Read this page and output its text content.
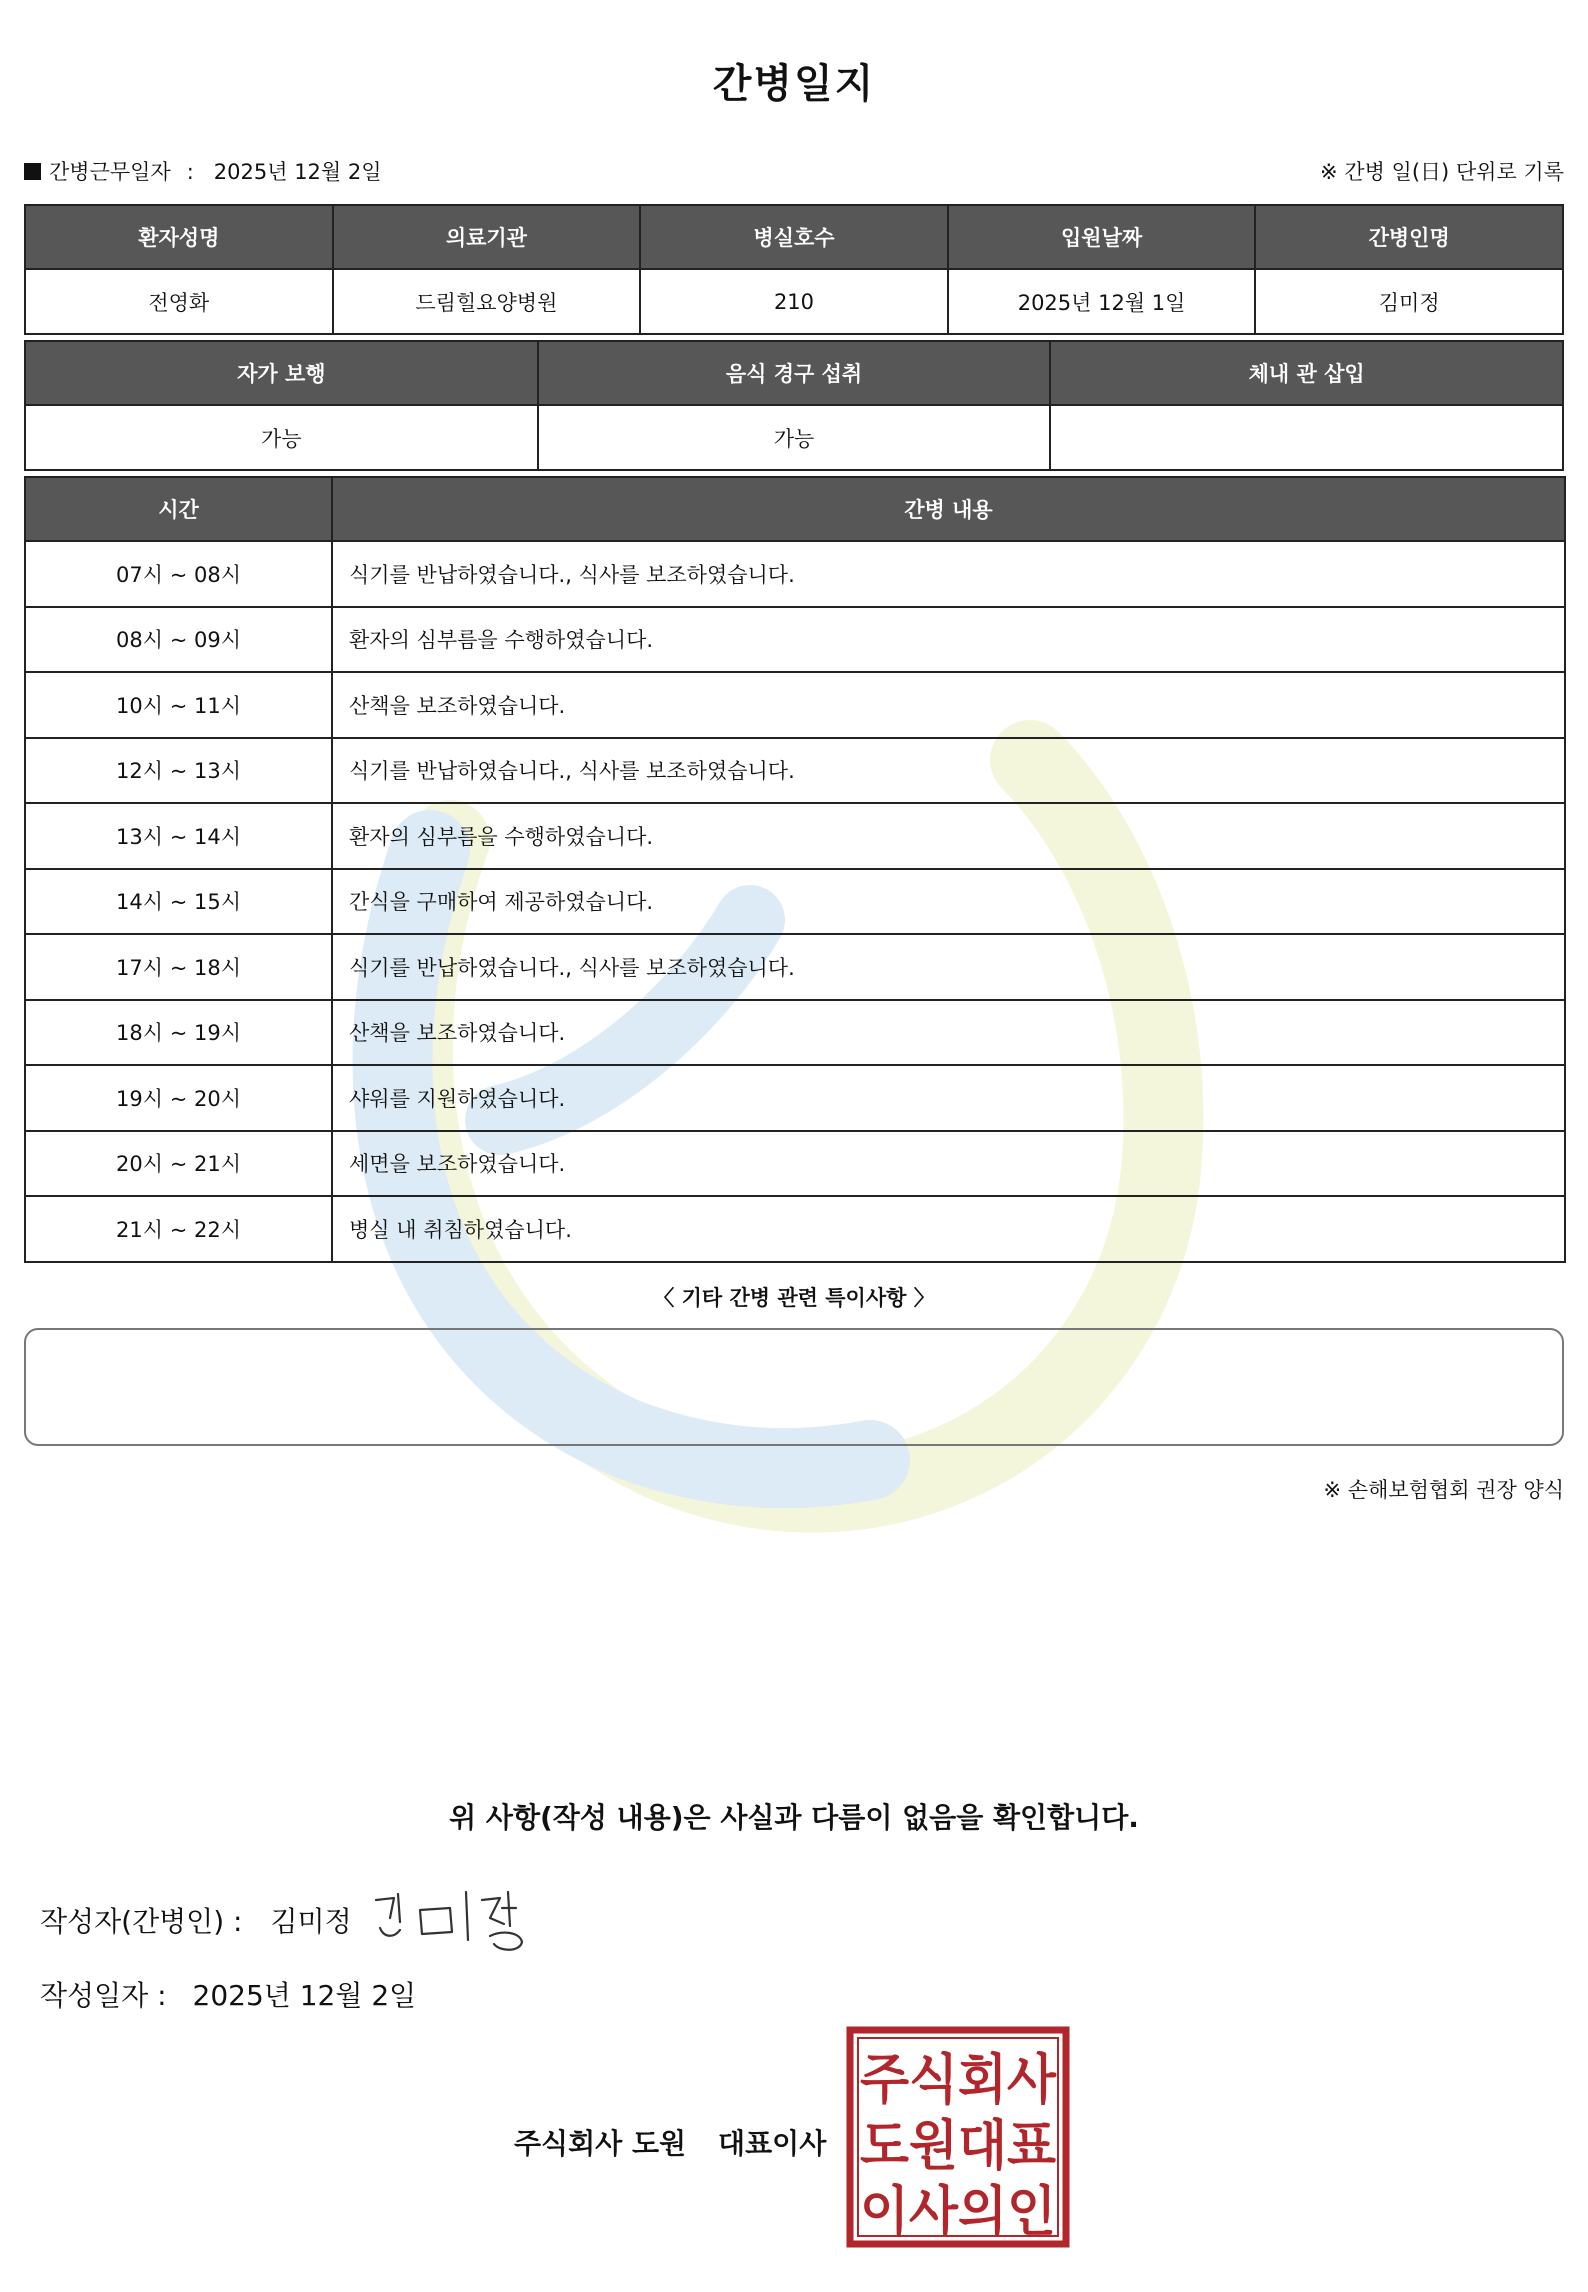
간병일지
간병근무일자 : 2025년 12월 2일	※ 간병 일(日) 단위로 기록
환자성명	의료기관	병실호수	입원날짜	간병인명
전영화	드림힐요양병원	210	2025년 12월 1일	김미정
자가 보행	음식 경구 섭취	체내 관 삽입
가능	가능	
시간	간병 내용
07시 ~ 08시	식기를 반납하였습니다., 식사를 보조하였습니다.
08시 ~ 09시	환자의 심부름을 수행하였습니다.
10시 ~ 11시	산책을 보조하였습니다.
12시 ~ 13시	식기를 반납하였습니다., 식사를 보조하였습니다.
13시 ~ 14시	환자의 심부름을 수행하였습니다.
14시 ~ 15시	간식을 구매하여 제공하였습니다.
17시 ~ 18시	식기를 반납하였습니다., 식사를 보조하였습니다.
18시 ~ 19시	산책을 보조하였습니다.
19시 ~ 20시	샤워를 지원하였습니다.
20시 ~ 21시	세면을 보조하였습니다.
21시 ~ 22시	병실 내 취침하였습니다.
〈 기타 간병 관련 특이사항 〉
※ 손해보험협회 권장 양식
위 사항(작성 내용)은 사실과 다름이 없음을 확인합니다.
작성자(간병인) : 김미정
작성일자 : 2025년 12월 2일
주식회사 도원 대표이사
주식회사
도원대표
이사의인
